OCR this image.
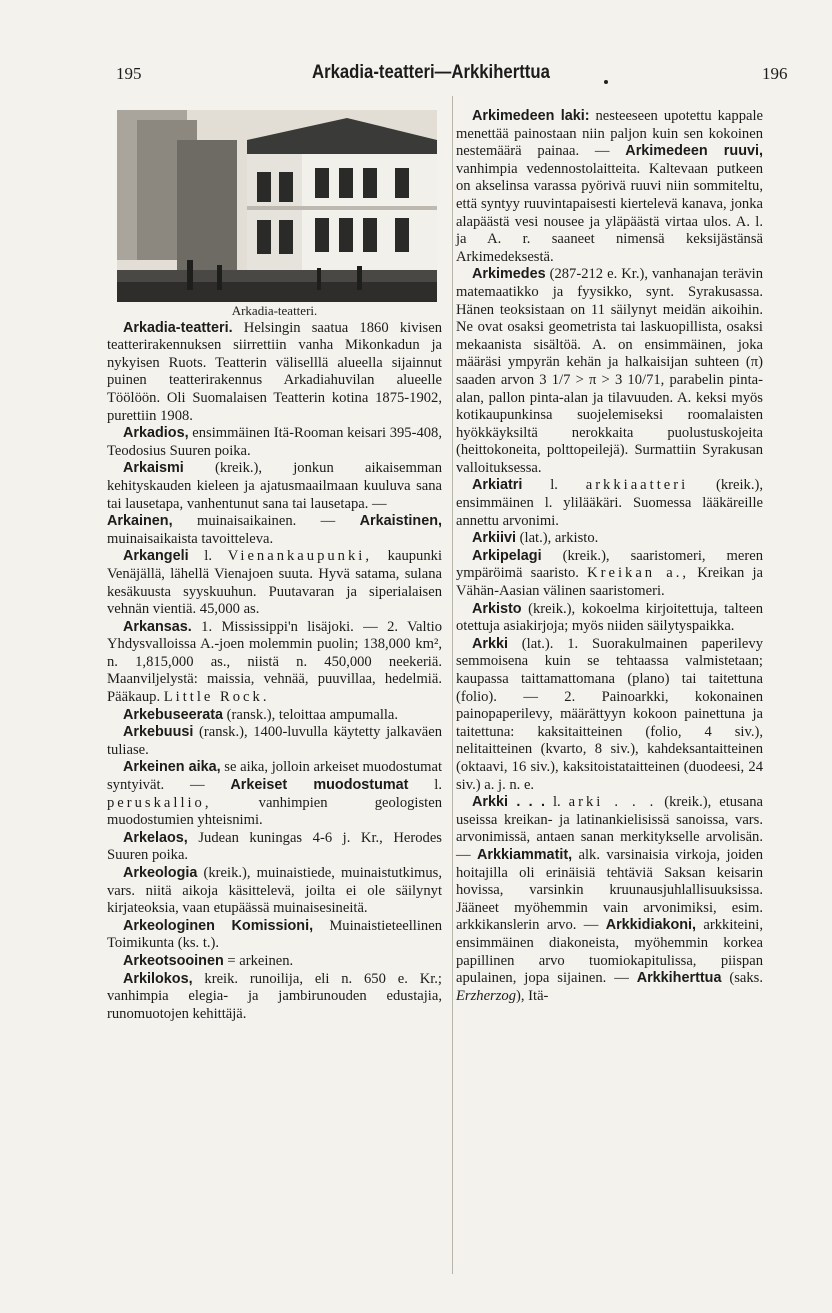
195	Arkadia-teatteri—Arkkiherttua	196

Arkadia-teatteri.

Arkadia-teatteri. Helsingin saatua 1860 kivisen teatterirakennuksen siirrettiin vanha Mikonkadun ja nykyisen Ruots. Teatterin väliselllä alueella sijainnut puinen teatterirakennus Arkadiahuvilan alueelle Töölöön. Oli Suomalaisen Teatterin kotina 1875-1902, purettiin 1908.

Arkadios, ensimmäinen Itä-Rooman keisari 395-408, Teodosius Suuren poika.

Arkaismi (kreik.), jonkun aikaisemman kehityskauden kieleen ja ajatusmaailmaan kuuluva sana tai lausetapa, vanhentunut sana tai lausetapa. —

Arkainen, muinaisaikainen. — Arkaistinen, muinaisaikaista tavoitteleva.

Arkangeli l. Vienankaupunki, kaupunki Venäjällä, lähellä Vienajoen suuta. Hyvä satama, sulana kesäkuusta syyskuuhun. Puutavaran ja siperialaisen vehnän vientiä. 45,000 as.

Arkansas. 1. Mississippi'n lisäjoki. — 2. Valtio Yhdysvalloissa A.-joen molemmin puolin; 138,000 km², n. 1,815,000 as., niistä n. 450,000 neekeriä. Maanviljelystä: maissia, vehnää, puuvillaa, hedelmiä. Pääkaup. Little Rock.

Arkebuseerata (ransk.), teloittaa ampumalla.

Arkebuusi (ransk.), 1400-luvulla käytetty jalkaväen tuliase.

Arkeinen aika, se aika, jolloin arkeiset muodostumat syntyivät. — Arkeiset muodostumat l. peruskallio, vanhimpien geologisten muodostumien yhteisnimi.

Arkelaos, Judean kuningas 4-6 j. Kr., Herodes Suuren poika.

Arkeologia (kreik.), muinaistiede, muinaistutkimus, vars. niitä aikoja käsittelevä, joilta ei ole säilynyt kirjateoksia, vaan etupäässä muinaisesineitä.

Arkeologinen Komissioni, Muinaistieteellinen Toimikunta (ks. t.).

Arkeotsooinen = arkeinen.

Arkilokos, kreik. runoilija, eli n. 650 e. Kr.; vanhimpia elegia- ja jambirunouden edustajia, runomuotojen kehittäjä.

Arkimedeen laki: nesteeseen upotettu kappale menettää painostaan niin paljon kuin sen kokoinen nestemäärä painaa. — Arkimedeen ruuvi, vanhimpia vedennostolaitteita. Kaltevaan putkeen on akselinsa varassa pyörivä ruuvi niin sommiteltu, että syntyy ruuvintapaisesti kiertelevä kanava, jonka alapäästä vesi nousee ja yläpäästä virtaa ulos. A. l. ja A. r. saaneet nimensä keksijästänsä Arkimedeksestä.

Arkimedes (287-212 e. Kr.), vanhanajan terävin matemaatikko ja fyysikko, synt. Syrakusassa. Hänen teoksistaan on 11 säilynyt meidän aikoihin. Ne ovat osaksi geometrista tai laskuopillista, osaksi mekaanista sisältöä. A. on ensimmäinen, joka määräsi ympyrän kehän ja halkaisijan suhteen (π) saaden arvon 3 1/7 > π > 3 10/71, parabelin pinta-alan, pallon pinta-alan ja tilavuuden. A. keksi myös kotikaupunkinsa suojelemiseksi roomalaisten hyökkäyksiltä nerokkaita puolustuskojeita (heittokoneita, polttopeilejä). Surmattiin Syrakusan valloituksessa.

Arkiatri l. arkkiaatteri (kreik.), ensimmäinen l. ylilääkäri. Suomessa lääkäreille annettu arvonimi.

Arkiivi (lat.), arkisto.

Arkipelagi (kreik.), saaristomeri, meren ympäröimä saaristo. Kreikan a., Kreikan ja Vähän-Aasian välinen saaristomeri.

Arkisto (kreik.), kokoelma kirjoitettuja, talteen otettuja asiakirjoja; myös niiden säilytyspaikka.

Arkki (lat.). 1. Suorakulmainen paperilevy semmoisena kuin se tehtaassa valmistetaan; kaupassa taittamattomana (plano) tai taitettuna (folio). — 2. Painoarkki, kokonainen painopaperilevy, määrättyyn kokoon painettuna ja taitettuna: kaksitaitteinen (folio, 4 siv.), nelitaitteinen (kvarto, 8 siv.), kahdeksantaitteinen (oktaavi, 16 siv.), kaksitoistataitteinen (duodeesi, 24 siv.) a. j. n. e.

Arkki . . . l. arki . . . (kreik.), etusana useissa kreikan- ja latinankielisissä sanoissa, vars. arvonimissä, antaen sanan merkitykselle arvolisän. — Arkkiammatit, alk. varsinaisia virkoja, joiden hoitajilla oli erinäisiä tehtäviä Saksan keisarin hovissa, varsinkin kruunausjuhlallisuuksissa. Jääneet myöhemmin vain arvonimiksi, esim. arkkikanslerin arvo. — Arkkidiakoni, arkkiteini, ensimmäinen diakoneista, myöhemmin korkea papillinen arvo tuomiokapitulissa, piispan apulainen, jopa sijainen. — Arkkiherttua (saks. Erzherzog), Itä-
